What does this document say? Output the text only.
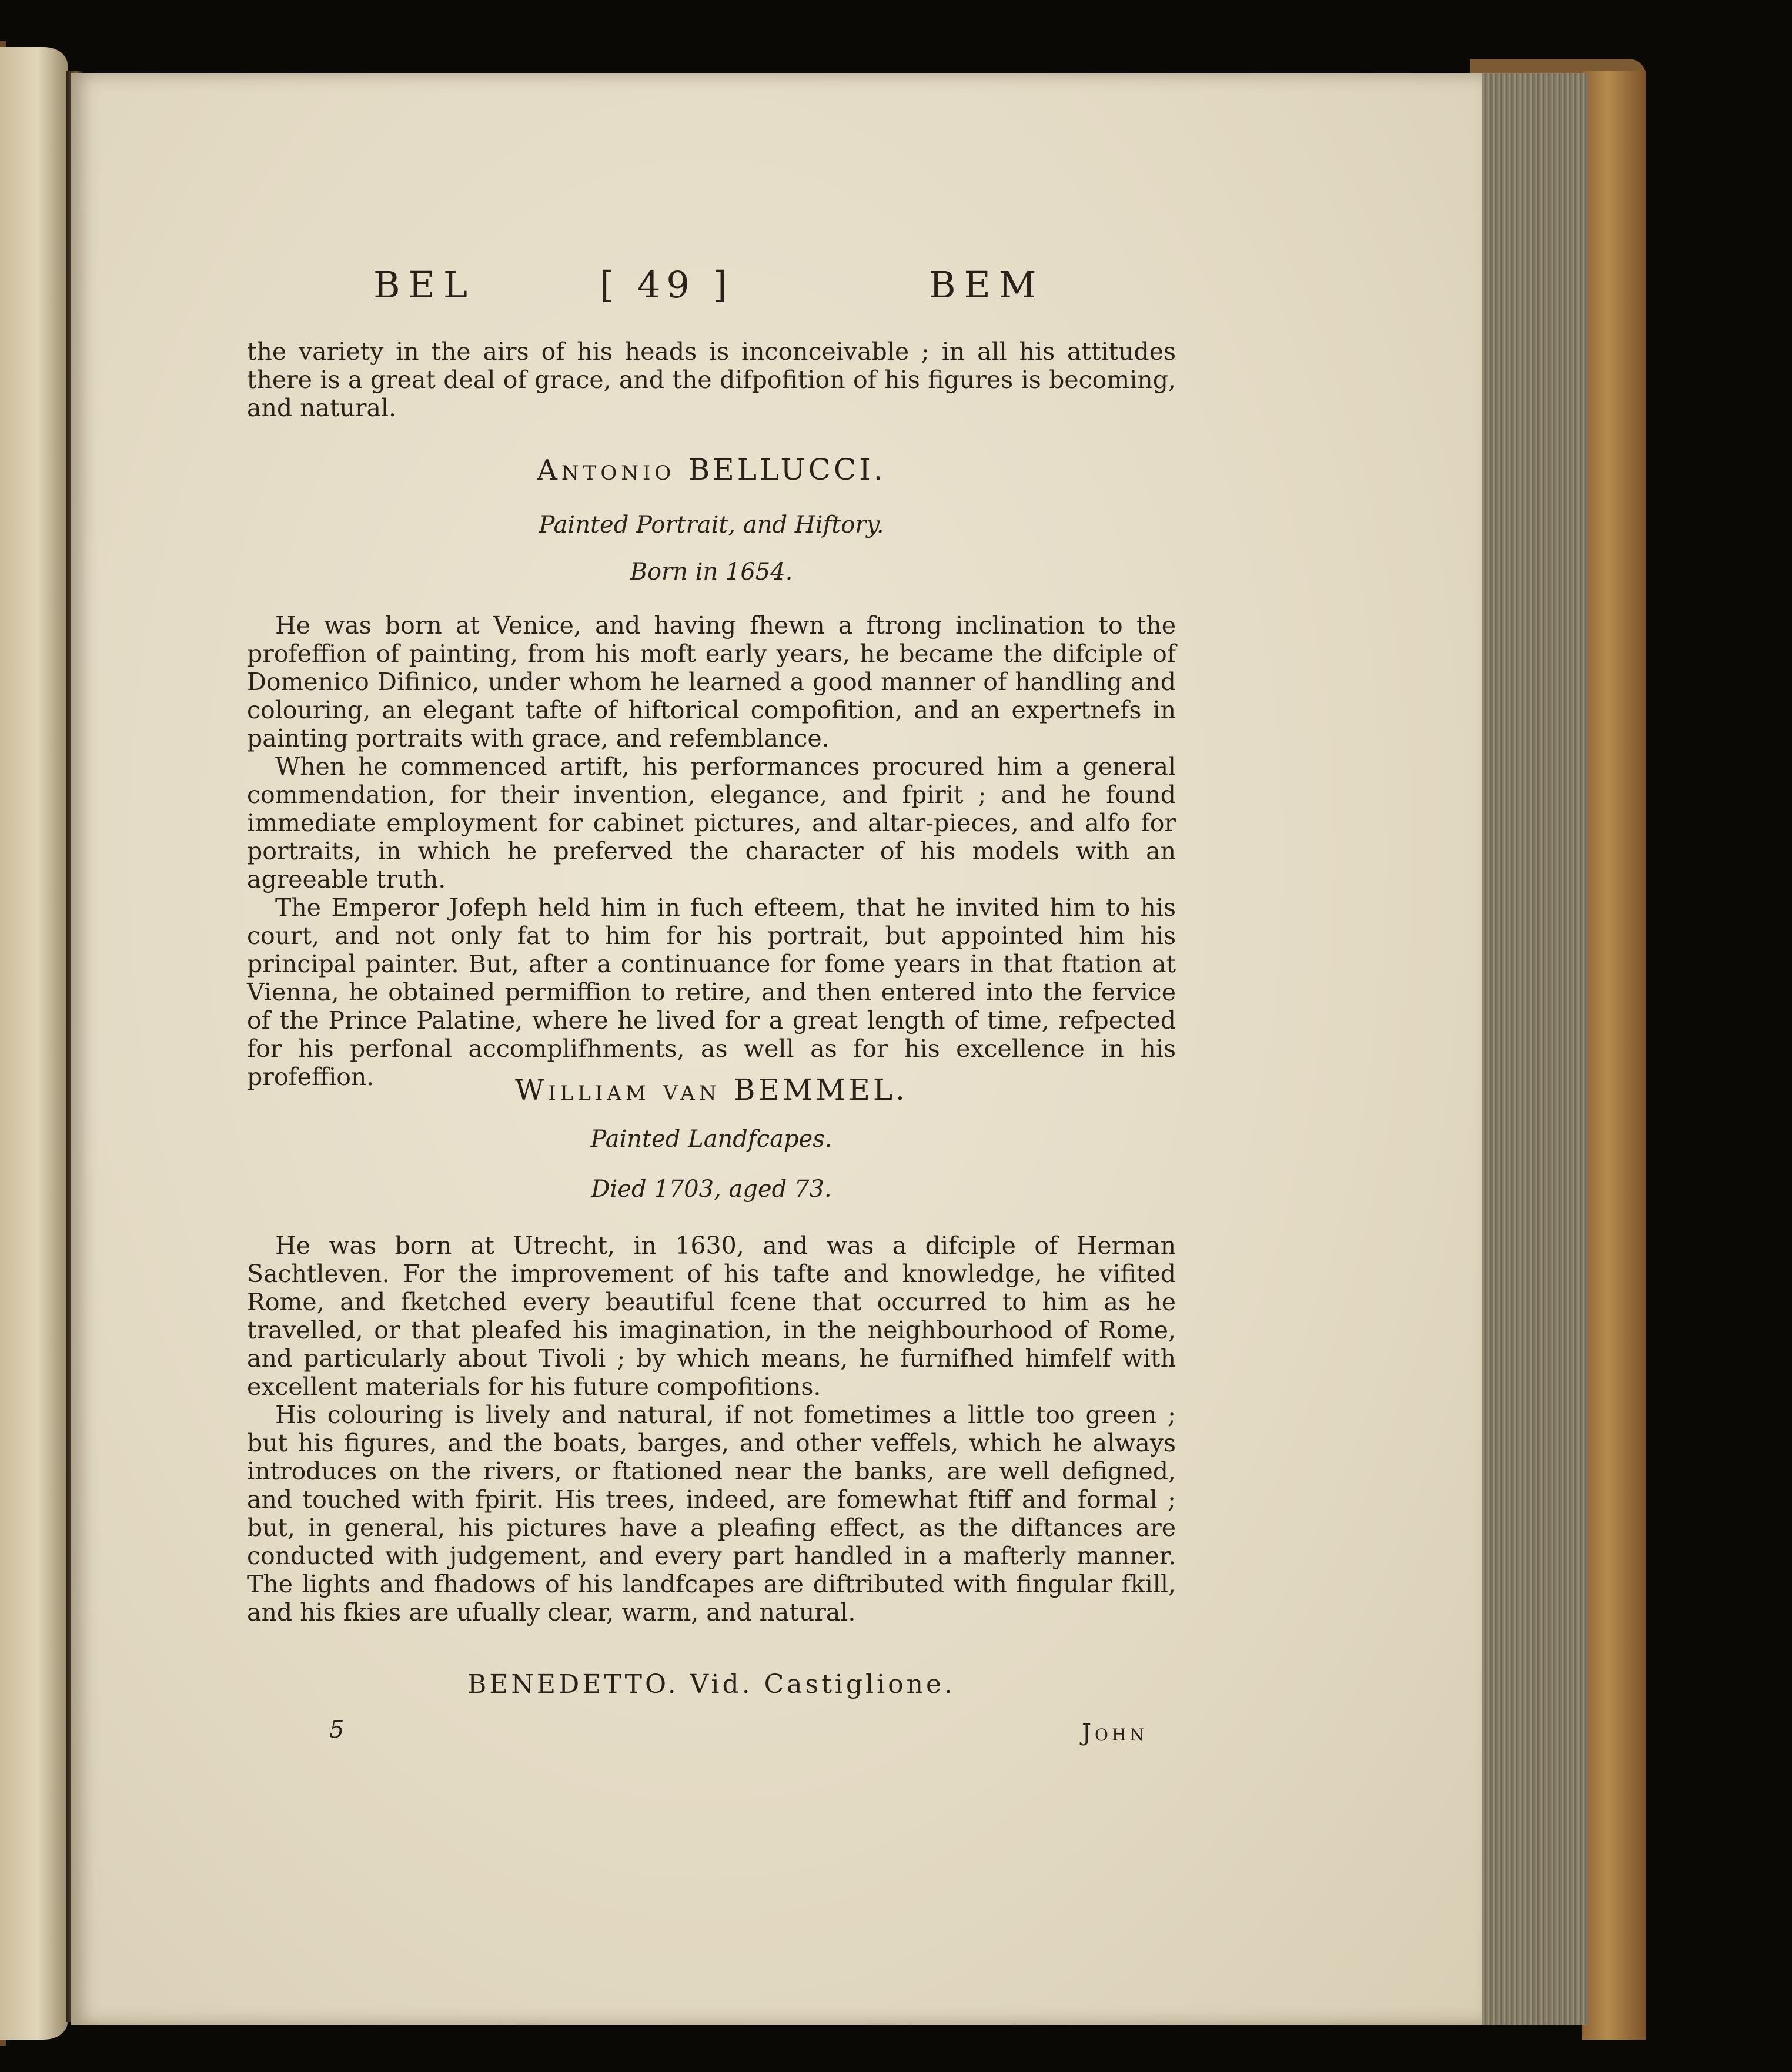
BEL	[ 49 ]	BEM

the variety in the airs of his heads is inconceivable ; in all his attitudes there is a great deal of grace, and the difpofition of his figures is becoming, and natural.

Antonio BELLUCCI.
Painted Portrait, and Hiftory.
Born in 1654.

He was born at Venice, and having fhewn a ftrong inclination to the profeffion of painting, from his moft early years, he became the difciple of Domenico Difinico, under whom he learned a good manner of handling and colouring, an elegant tafte of hiftorical compofition, and an expertnefs in painting portraits with grace, and refemblance.

When he commenced artift, his performances procured him a general commendation, for their invention, elegance, and fpirit ; and he found immediate employment for cabinet pictures, and altar-pieces, and alfo for portraits, in which he preferved the character of his models with an agreeable truth.

The Emperor Jofeph held him in fuch efteem, that he invited him to his court, and not only fat to him for his portrait, but appointed him his principal painter. But, after a continuance for fome years in that ftation at Vienna, he obtained permiffion to retire, and then entered into the fervice of the Prince Palatine, where he lived for a great length of time, refpected for his perfonal accomplifhments, as well as for his excellence in his profeffion.	William van BEMMEL.
Painted Landfcapes.
Died 1703, aged 73.

He was born at Utrecht, in 1630, and was a difciple of Herman Sachtleven. For the improvement of his tafte and knowledge, he vifited Rome, and fketched every beautiful fcene that occurred to him as he travelled, or that pleafed his imagination, in the neighbourhood of Rome, and particularly about Tivoli ; by which means, he furnifhed himfelf with excellent materials for his future compofitions.

His colouring is lively and natural, if not fometimes a little too green ; but his figures, and the boats, barges, and other veffels, which he always introduces on the rivers, or ftationed near the banks, are well defigned, and touched with fpirit. His trees, indeed, are fomewhat ftiff and formal ; but, in general, his pictures have a pleafing effect, as the diftances are conducted with judgement, and every part handled in a mafterly manner. The lights and fhadows of his landfcapes are diftributed with fingular fkill, and his fkies are ufually clear, warm, and natural.

BENEDETTO. Vid. Castiglione.
5	John
